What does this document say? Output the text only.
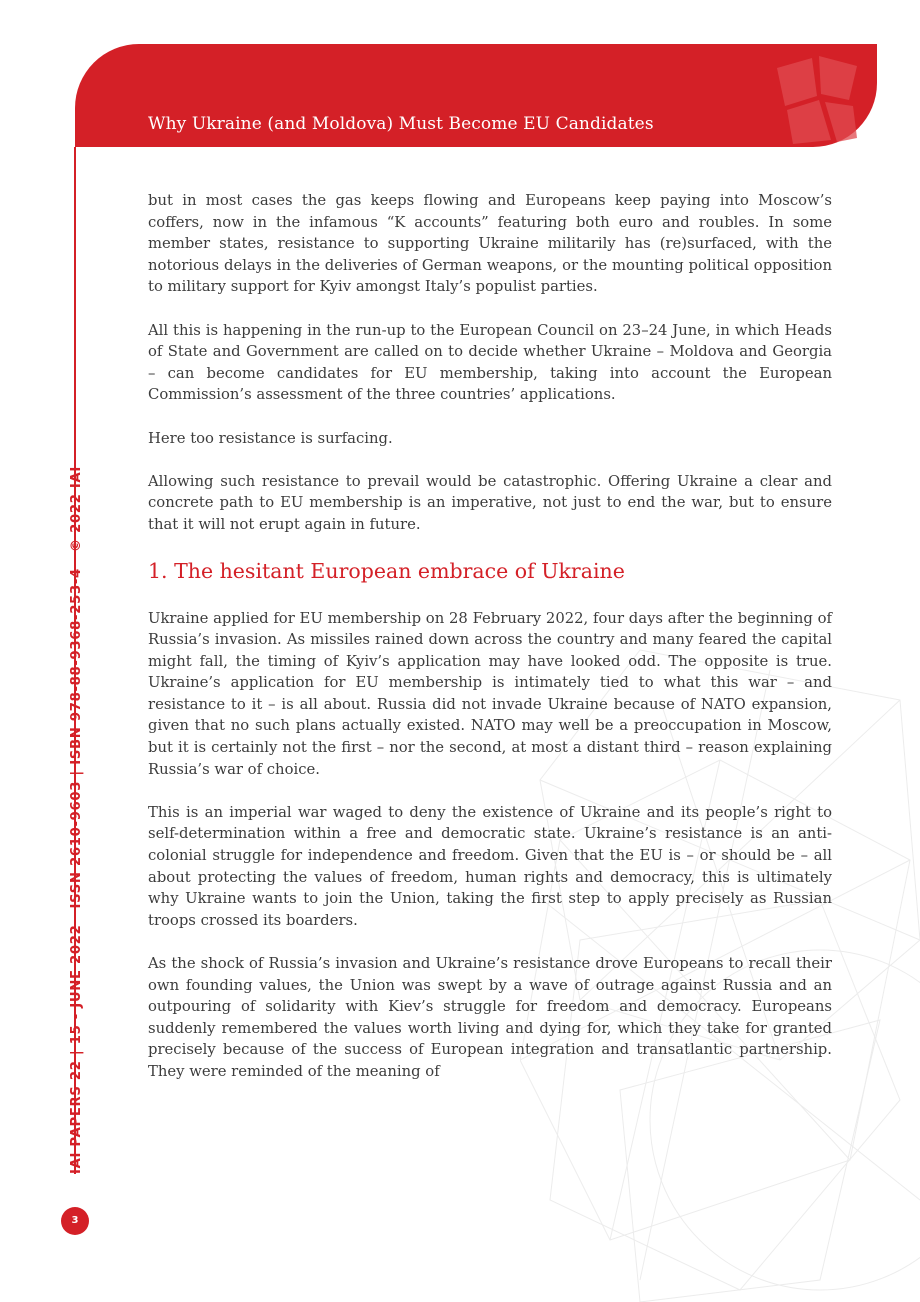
Why Ukraine (and Moldova) Must Become EU Candidates
IAI PAPERS 22 | 15 - JUNE 2022ISSN 2610-9603 | ISBN 978-88-9368-253-4© 2022 IAI
3

but in most cases the gas keeps flowing and Europeans keep paying into Moscow’s coffers, now in the infamous “K accounts” featuring both euro and roubles. In some member states, resistance to supporting Ukraine militarily has (re)surfaced, with the notorious delays in the deliveries of German weapons, or the mounting political opposition to military support for Kyiv amongst Italy’s populist parties.

All this is happening in the run-up to the European Council on 23–24 June, in which Heads of State and Government are called on to decide whether Ukraine – Moldova and Georgia – can become candidates for EU membership, taking into account the European Commission’s assessment of the three countries’ applications.

Here too resistance is surfacing.

Allowing such resistance to prevail would be catastrophic. Offering Ukraine a clear and concrete path to EU membership is an imperative, not just to end the war, but to ensure that it will not erupt again in future.

1. The hesitant European embrace of Ukraine

Ukraine applied for EU membership on 28 February 2022, four days after the beginning of Russia’s invasion. As missiles rained down across the country and many feared the capital might fall, the timing of Kyiv’s application may have looked odd. The opposite is true. Ukraine’s application for EU membership is intimately tied to what this war – and resistance to it – is all about. Russia did not invade Ukraine because of NATO expansion, given that no such plans actually existed. NATO may well be a preoccupation in Moscow, but it is certainly not the first – nor the second, at most a distant third – reason explaining Russia’s war of choice.

This is an imperial war waged to deny the existence of Ukraine and its people’s right to self-determination within a free and democratic state. Ukraine’s resistance is an anti-colonial struggle for independence and freedom. Given that the EU is – or should be – all about protecting the values of freedom, human rights and democracy, this is ultimately why Ukraine wants to join the Union, taking the first step to apply precisely as Russian troops crossed its boarders.

As the shock of Russia’s invasion and Ukraine’s resistance drove Europeans to recall their own founding values, the Union was swept by a wave of outrage against Russia and an outpouring of solidarity with Kiev’s struggle for freedom and democracy. Europeans suddenly remembered the values worth living and dying for, which they take for granted precisely because of the success of European integration and transatlantic partnership. They were reminded of the meaning of
